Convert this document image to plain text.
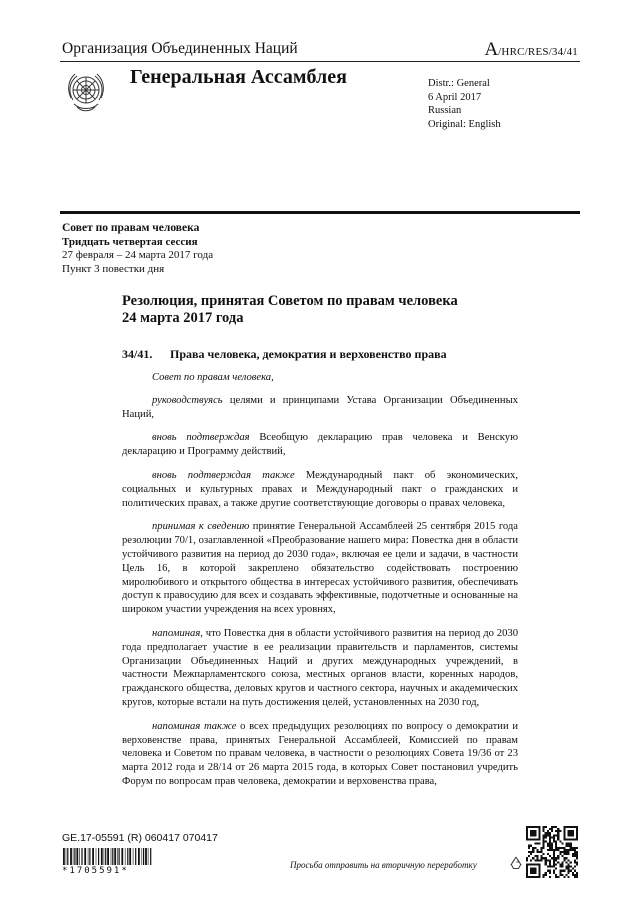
Организация Объединенных Наций	A/HRC/RES/34/41
Генеральная Ассамблея	Distr.: General
6 April 2017
Russian
Original: English
Совет по правам человека
Тридцать четвертая сессия
27 февраля – 24 марта 2017 года
Пункт 3 повестки дня
Резолюция, принятая Советом по правам человека
24 марта 2017 года
34/41. Права человека, демократия и верховенство права

Совет по правам человека,

руководствуясь целями и принципами Устава Организации Объединенных Наций,

вновь подтверждая Всеобщую декларацию прав человека и Венскую декларацию и Программу действий,

вновь подтверждая также Международный пакт об экономических, социальных и культурных правах и Международный пакт о гражданских и политических правах, а также другие соответствующие договоры о правах человека,

принимая к сведению принятие Генеральной Ассамблеей 25 сентября 2015 года резолюции 70/1, озаглавленной «Преобразование нашего мира: Повестка дня в области устойчивого развития на период до 2030 года», включая ее цели и задачи, в частности Цель 16, в которой закреплено обязательство содействовать построению миролюбивого и открытого общества в интересах устойчивого развития, обеспечивать доступ к правосудию для всех и создавать эффективные, подотчетные и основанные на широком участии учреждения на всех уровнях,

напоминая, что Повестка дня в области устойчивого развития на период до 2030 года предполагает участие в ее реализации правительств и парламентов, системы Организации Объединенных Наций и других международных учреждений, в частности Межпарламентского союза, местных органов власти, коренных народов, гражданского общества, деловых кругов и частного сектора, научных и академических кругов, которые встали на путь достижения целей, установленных на 2030 год,

напоминая также о всех предыдущих резолюциях по вопросу о демократии и верховенстве права, принятых Генеральной Ассамблеей, Комиссией по правам человека и Советом по правам человека, в частности о резолюциях Совета 19/36 от 23 марта 2012 года и 28/14 от 26 марта 2015 года, в которых Совет постановил учредить Форум по вопросам прав человека, демократии и верховенства права,

GE.17-05591 (R) 060417 070417
*1705591*
Просьба отправить на вторичную переработку
